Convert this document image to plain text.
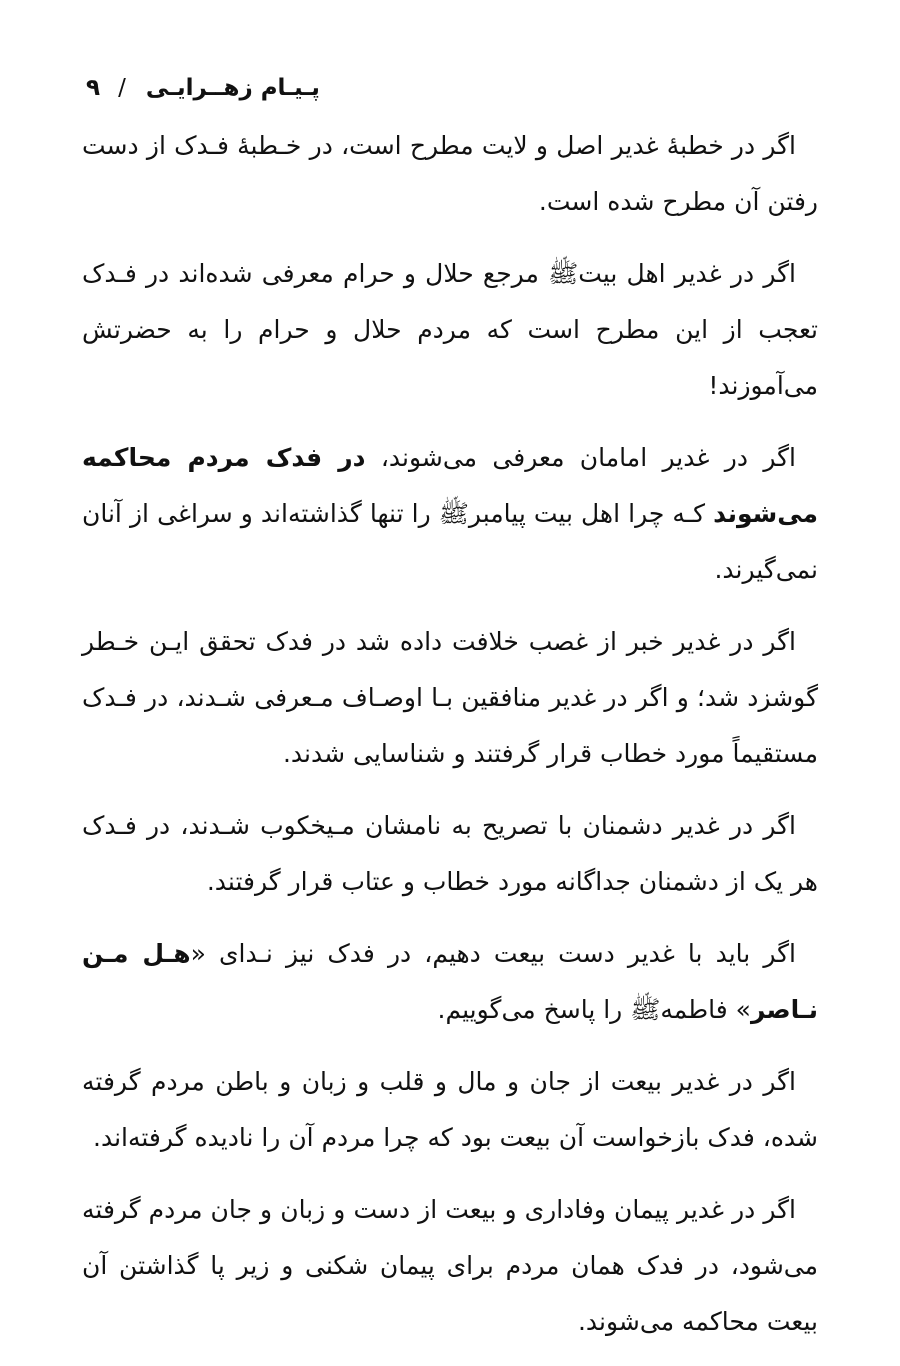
۹ / پـیـام زهــرایـی

اگر در خطبهٔ غدیر اصل و لایت مطرح است، در خـطبهٔ فـدک از دست رفتن آن مطرح شده است.

اگر در غدیر اهل بیتﷺ مرجع حلال و حرام معرفی شده‌اند در فـدک تعجب از این مطرح است که مردم حلال و حرام را به حضرتش می‌آموزند!

اگر در غدیر امامان معرفی می‌شوند، در فدک مردم محاکمه می‌شوند کـه چرا اهل بیت پیامبرﷺ را تنها گذاشته‌اند و سراغی از آنان نمی‌گیرند.

اگر در غدیر خبر از غصب خلافت داده شد در فدک تحقق ایـن خـطر گوشزد شد؛ و اگر در غدیر منافقین بـا اوصـاف مـعرفی شـدند، در فـدک مستقیماً مورد خطاب قرار گرفتند و شناسایی شدند.

اگر در غدیر دشمنان با تصریح به نامشان مـیخکوب شـدند، در فـدک هر یک از دشمنان جداگانه مورد خطاب و عتاب قرار گرفتند.

اگر باید با غدیر دست بیعت دهیم، در فدک نیز نـدای «هـل مـن نـاصر» فاطمهﷺ را پاسخ می‌گوییم.

اگر در غدیر بیعت از جان و مال و قلب و زبان و باطن مردم گرفته شده، فدک بازخواست آن بیعت بود که چرا مردم آن را نادیده گرفته‌اند.

اگر در غدیر پیمان وفاداری و بیعت از دست و زبان و جان مردم گرفته می‌شود، در فدک همان مردم برای پیمان شکنی و زیر پا گذاشتن آن بیعت محاکمه می‌شوند.
